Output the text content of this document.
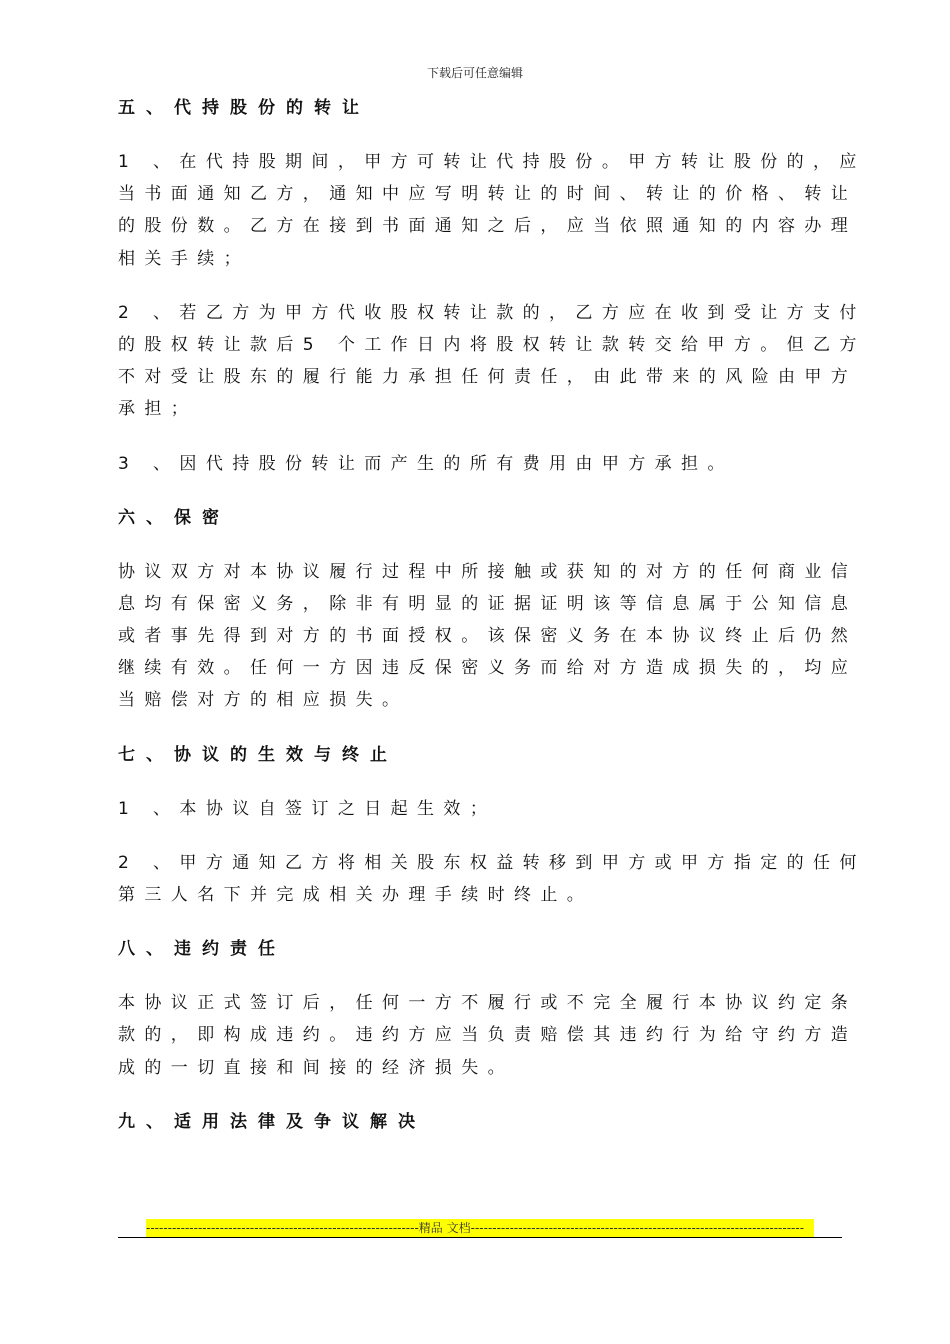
下载后可任意编辑
五、代持股份的转让
1 、在代持股期间，甲方可转让代持股份。甲方转让股份的，应
当书面通知乙方，通知中应写明转让的时间、转让的价格、转让
的股份数。乙方在接到书面通知之后，应当依照通知的内容办理
相关手续；
2 、若乙方为甲方代收股权转让款的，乙方应在收到受让方支付
的股权转让款后5 个工作日内将股权转让款转交给甲方。但乙方
不对受让股东的履行能力承担任何责任，由此带来的风险由甲方
承担；
3 、因代持股份转让而产生的所有费用由甲方承担。
六、保密
协议双方对本协议履行过程中所接触或获知的对方的任何商业信
息均有保密义务，除非有明显的证据证明该等信息属于公知信息
或者事先得到对方的书面授权。该保密义务在本协议终止后仍然
继续有效。任何一方因违反保密义务而给对方造成损失的，均应
当赔偿对方的相应损失。
七、协议的生效与终止
1 、本协议自签订之日起生效；
2 、甲方通知乙方将相关股东权益转移到甲方或甲方指定的任何
第三人名下并完成相关办理手续时终止。
八、违约责任
本协议正式签订后，任何一方不履行或不完全履行本协议约定条
款的，即构成违约。违约方应当负责赔偿其违约行为给守约方造
成的一切直接和间接的经济损失。
九、适用法律及争议解决
---------------------------------------------------------------精品 文档-----------------------------------------------------------------------------
